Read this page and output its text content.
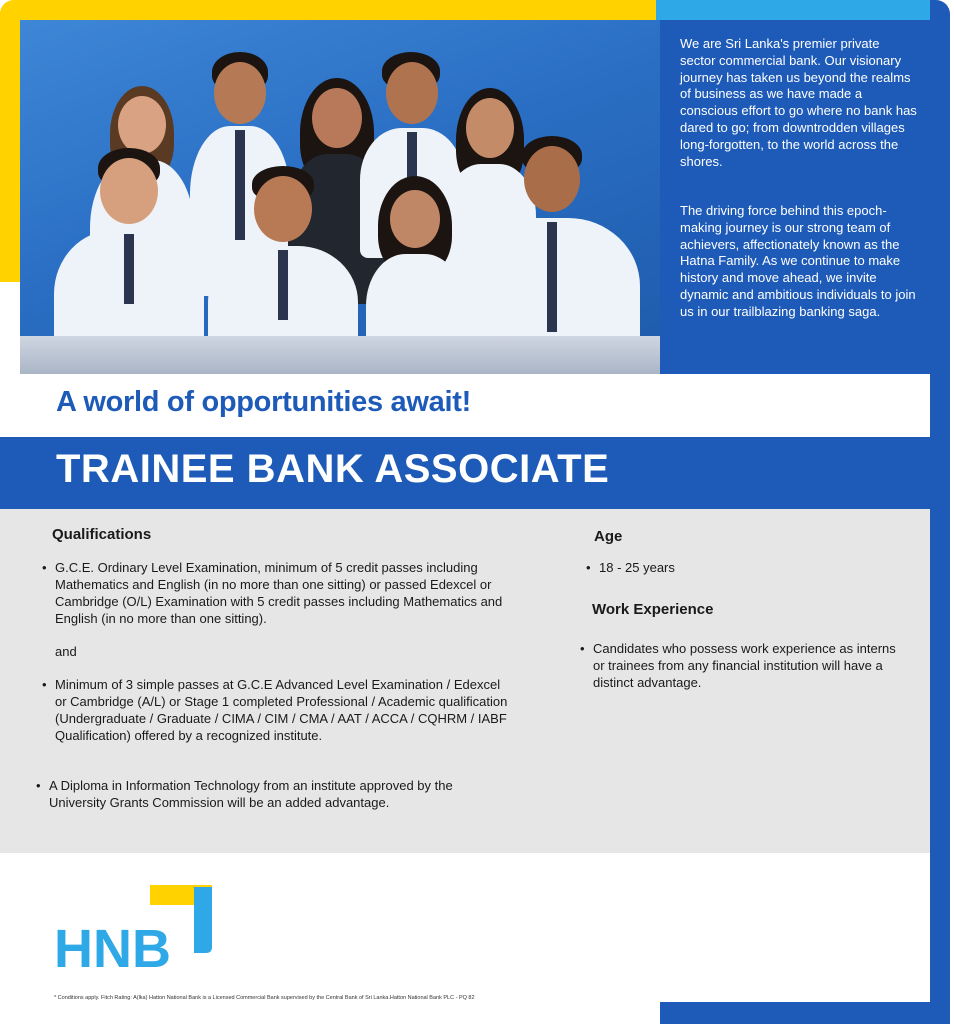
We are Sri Lanka's premier private sector commercial bank. Our visionary journey has taken us beyond the realms of business as we have made a conscious effort to go where no bank has dared to go; from downtrodden villages long-forgotten, to the world across the shores.

The driving force behind this epoch-making journey is our strong team of achievers, affectionately known as the Hatna Family. As we continue to make history and move ahead, we invite dynamic and ambitious individuals to join us in our trailblazing banking saga.

A world of opportunities await!
TRAINEE BANK ASSOCIATE
Qualifications

• G.C.E. Ordinary Level Examination, minimum of 5 credit passes including Mathematics and English (in no more than one sitting) or passed Edexcel or Cambridge (O/L) Examination with 5 credit passes including Mathematics and English (in no more than one sitting).

and

• Minimum of 3 simple passes at G.C.E Advanced Level Examination / Edexcel or Cambridge (A/L) or Stage 1 completed Professional / Academic qualification (Undergraduate / Graduate / CIMA / CIM / CMA / AAT / ACCA / CQHRM / IABF Qualification) offered by a recognized institute.

• A Diploma in Information Technology from an institute approved by the University Grants Commission will be an added advantage.

Age

• 18 - 25 years

Work Experience

• Candidates who possess work experience as interns or trainees from any financial institution will have a distinct advantage.

HNB

* Conditions apply. Fitch Rating: A(lka) Hatton National Bank is a Licensed Commercial Bank supervised by the Central Bank of Sri Lanka.Hatton National Bank PLC - PQ 82
